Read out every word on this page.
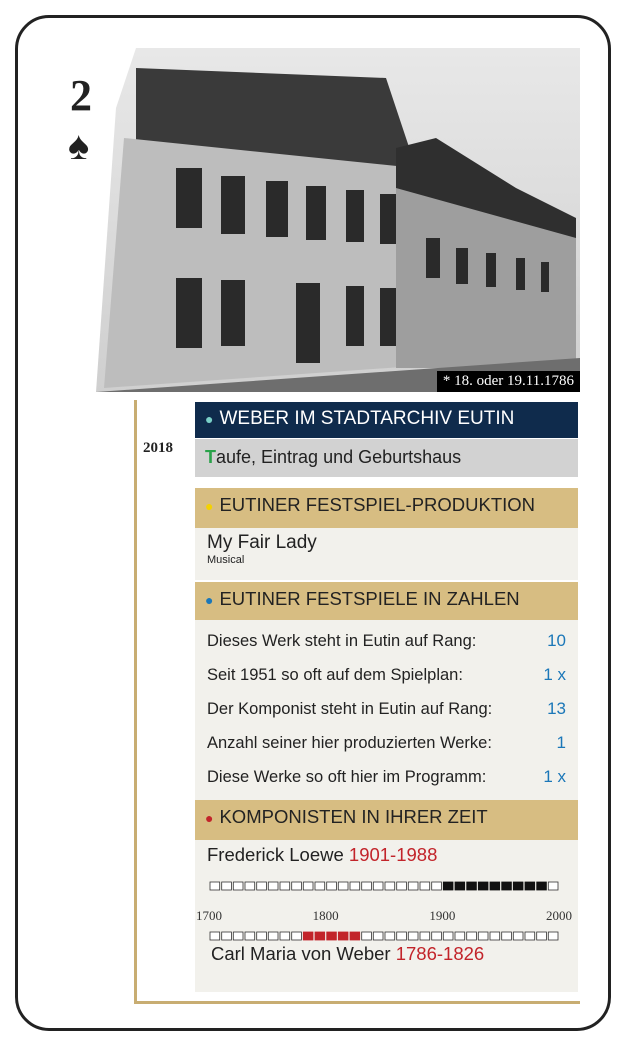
2
♠
* 18. oder 19.11.1786
2018
● WEBER IM STADTARCHIV EUTIN
Taufe, Eintrag und Geburtshaus
● EUTINER FESTSPIEL-PRODUKTION
My Fair Lady
Musical
● EUTINER FESTSPIELE IN ZAHLEN
Dieses Werk steht in Eutin auf Rang:	10
Seit 1951 so oft auf dem Spielplan:	1 x
Der Komponist steht in Eutin auf Rang:	13
Anzahl seiner hier produzierten Werke:	1
Diese Werke so oft hier im Programm:	1 x
● KOMPONISTEN IN IHRER ZEIT
Frederick Loewe 1901-1988
1700	1800	1900	2000
Carl Maria von Weber 1786-1826
